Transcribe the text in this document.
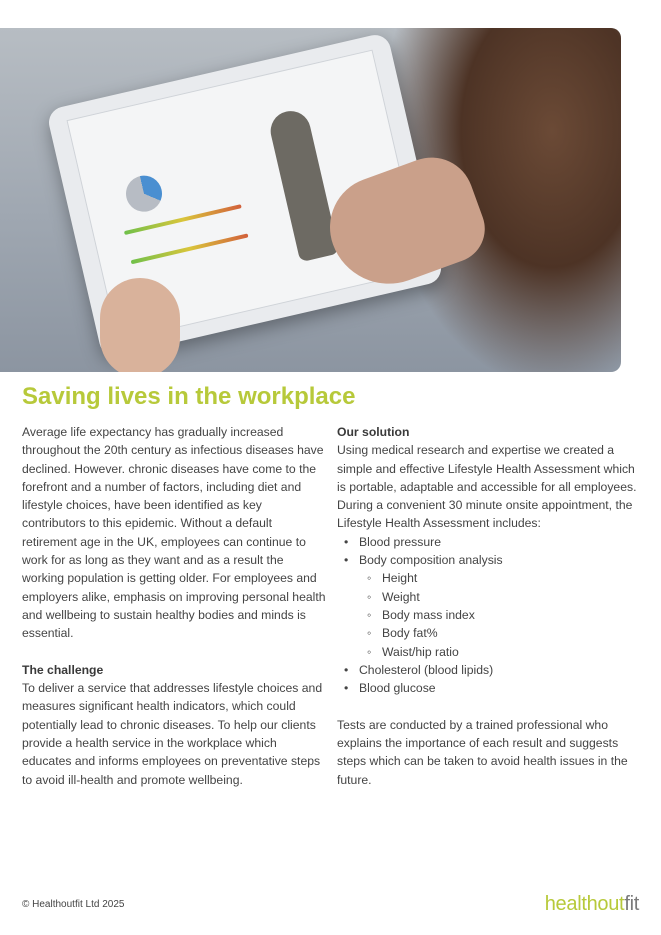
Saving lives in the workplace

Average life expectancy has gradually increased throughout the 20th century as infectious diseases have declined. However. chronic diseases have come to the forefront and a number of factors, including diet and lifestyle choices, have been identified as key contributors to this epidemic. Without a default retirement age in the UK, employees can continue to work for as long as they want and as a result the working population is getting older. For employees and employers alike, emphasis on improving personal health and wellbeing to sustain healthy bodies and minds is essential.

The challenge

To deliver a service that addresses lifestyle choices and measures significant health indicators, which could potentially lead to chronic diseases. To help our clients provide a health service in the workplace which educates and informs employees on preventative steps to avoid ill-health and promote wellbeing.

Our solution

Using medical research and expertise we created a simple and effective Lifestyle Health Assessment which is portable, adaptable and accessible for all employees. During a convenient 30 minute onsite appointment, the Lifestyle Health Assessment includes:

• Blood pressure
• Body composition analysis
◦ Height
◦ Weight
◦ Body mass index
◦ Body fat%
◦ Waist/hip ratio
• Cholesterol (blood lipids)
• Blood glucose

Tests are conducted by a trained professional who explains the importance of each result and suggests steps which can be taken to avoid health issues in the future.

© Healthoutfit Ltd 2025	healthoutfit
